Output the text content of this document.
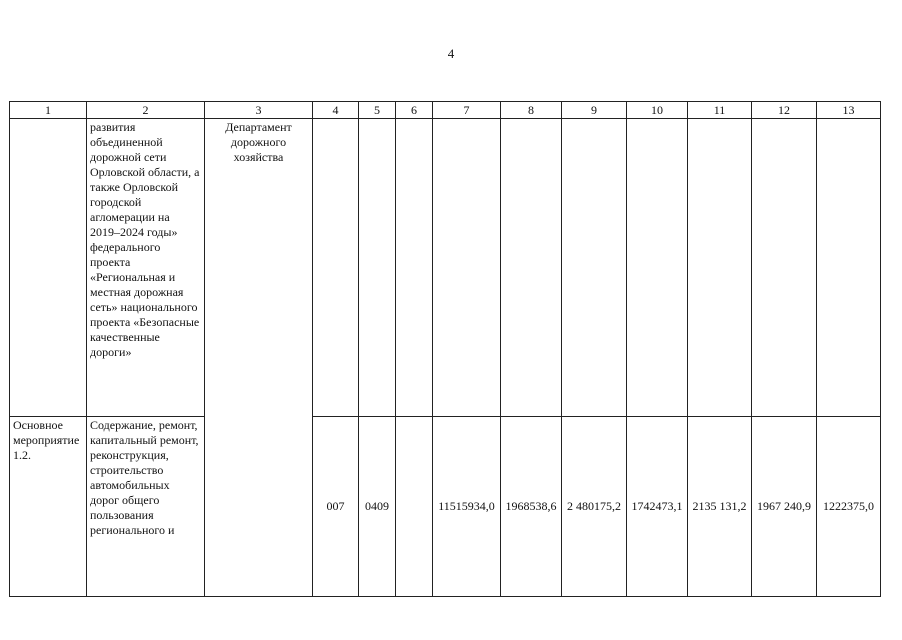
4
1	2	3	4	5	6	7	8	9	10	11	12	13
	развития объединенной дорожной сети Орловской области, а также Орловской городской агломерации на 2019–2024 годы» федерального проекта «Региональная и местная дорожная сеть» национального проекта «Безопасные качественные дороги»	Департамент дорожного хозяйства										
Основное мероприятие 1.2.	Содержание, ремонт, капитальный ремонт, реконструкция, строительство автомобильных дорог общего пользования регионального и		007	0409		11515934,0	1968538,6	2 480175,2	1742473,1	2135 131,2	1967 240,9	1222375,0
